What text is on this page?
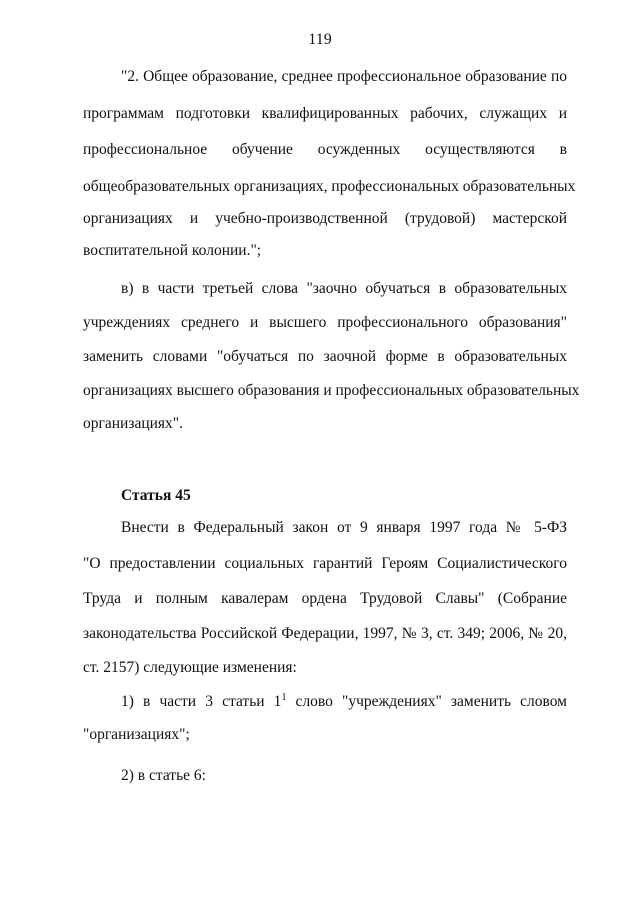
119
"2. Общее образование, среднее профессиональное образование по
программам подготовки квалифицированных рабочих, служащих и
профессиональное обучение осужденных осуществляются в
общеобразовательных организациях, профессиональных образовательных
организациях и учебно-производственной (трудовой) мастерской
воспитательной колонии.";
в) в части третьей слова "заочно обучаться в образовательных
учреждениях среднего и высшего профессионального образования"
заменить словами "обучаться по заочной форме в образовательных
организациях высшего образования и профессиональных образовательных
организациях".
Статья 45
Внести в Федеральный закон от 9 января 1997 года № 5-ФЗ
"О предоставлении социальных гарантий Героям Социалистического
Труда и полным кавалерам ордена Трудовой Славы" (Собрание
законодательства Российской Федерации, 1997, № 3, ст. 349; 2006, № 20,
ст. 2157) следующие изменения:
1) в части 3 статьи $1^1$ слово "учреждениях" заменить словом
"организациях";
2) в статье 6:
